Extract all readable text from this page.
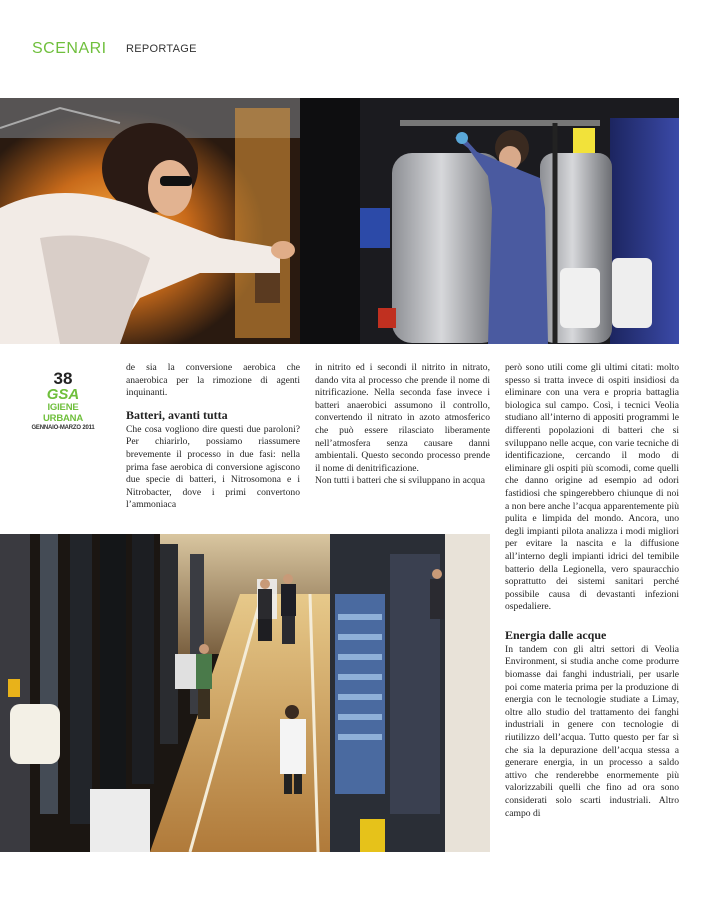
SCENARI REPORTAGE
38
GSA
IGIENE URBANA
GENNAIO-MARZO 2011

de sia la conversione aerobica che anaerobica per la rimozione di agenti inquinanti.

Batteri, avanti tutta

Che cosa vogliono dire questi due paroloni? Per chiarirlo, possiamo riassumere brevemente il processo in due fasi: nella prima fase aerobica di conversione agiscono due specie di batteri, i Nitrosomona e i Nitrobacter, dove i primi convertono l’ammoniaca

in nitrito ed i secondi il nitrito in nitrato, dando vita al processo che prende il nome di nitrificazione. Nella seconda fase invece i batteri anaerobici assumono il controllo, convertendo il nitrato in azoto atmosferico che può essere rilasciato liberamente nell’atmosfera senza causare danni ambientali. Questo secondo processo prende il nome di denitrificazione.

Non tutti i batteri che si sviluppano in acqua

però sono utili come gli ultimi citati: molto spesso si tratta invece di ospiti insidiosi da eliminare con una vera e propria battaglia biologica sul campo. Così, i tecnici Veolia studiano all’interno di appositi programmi le differenti popolazioni di batteri che si sviluppano nelle acque, con varie tecniche di identificazione, cercando il modo di eliminare gli ospiti più scomodi, come quelli che danno origine ad esempio ad odori fastidiosi che spingerebbero chiunque di noi a non bere anche l’acqua apparentemente più pulita e limpida del mondo. Ancora, uno degli impianti pilota analizza i modi migliori per evitare la nascita e la diffusione all’interno degli impianti idrici del temibile batterio della Legionella, vero spauracchio soprattutto dei sistemi sanitari perché possibile causa di devastanti infezioni ospedaliere.

Energia dalle acque

In tandem con gli altri settori di Veolia Environment, si studia anche come produrre biomasse dai fanghi industriali, per usarle poi come materia prima per la produzione di energia con le tecnologie studiate a Limay, oltre allo studio del trattamento dei fanghi industriali in genere con tecnologie di riutilizzo dell’acqua. Tutto questo per far sì che sia la depurazione dell’acqua stessa a generare energia, in un processo a saldo attivo che renderebbe enormemente più valorizzabili quelli che fino ad ora sono considerati solo scarti industriali. Altro campo di
